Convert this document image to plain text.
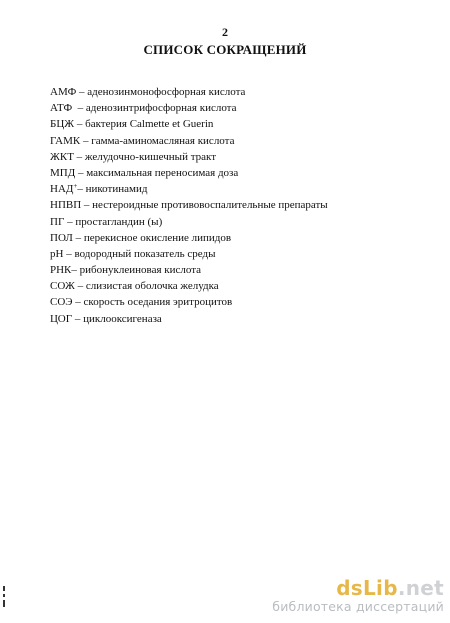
2
СПИСОК СОКРАЩЕНИЙ
АМФ – аденозинмонофосфорная кислота
АТФ  – аденозинтрифосфорная кислота
БЦЖ – бактерия Calmette et Guerin
ГАМК – гамма-аминомасляная кислота
ЖКТ – желудочно-кишечный тракт
МПД – максимальная переносимая доза
НАД+– никотинамид
НПВП – нестероидные противовоспалительные препараты
ПГ – простагландин (ы)
ПОЛ – перекисное окисление липидов
рН – водородный показатель среды
РНК– рибонуклеиновая кислота
СОЖ – слизистая оболочка желудка
СОЭ – скорость оседания эритроцитов
ЦОГ – циклооксигеназа
dsLib.net
библиотека диссертаций
